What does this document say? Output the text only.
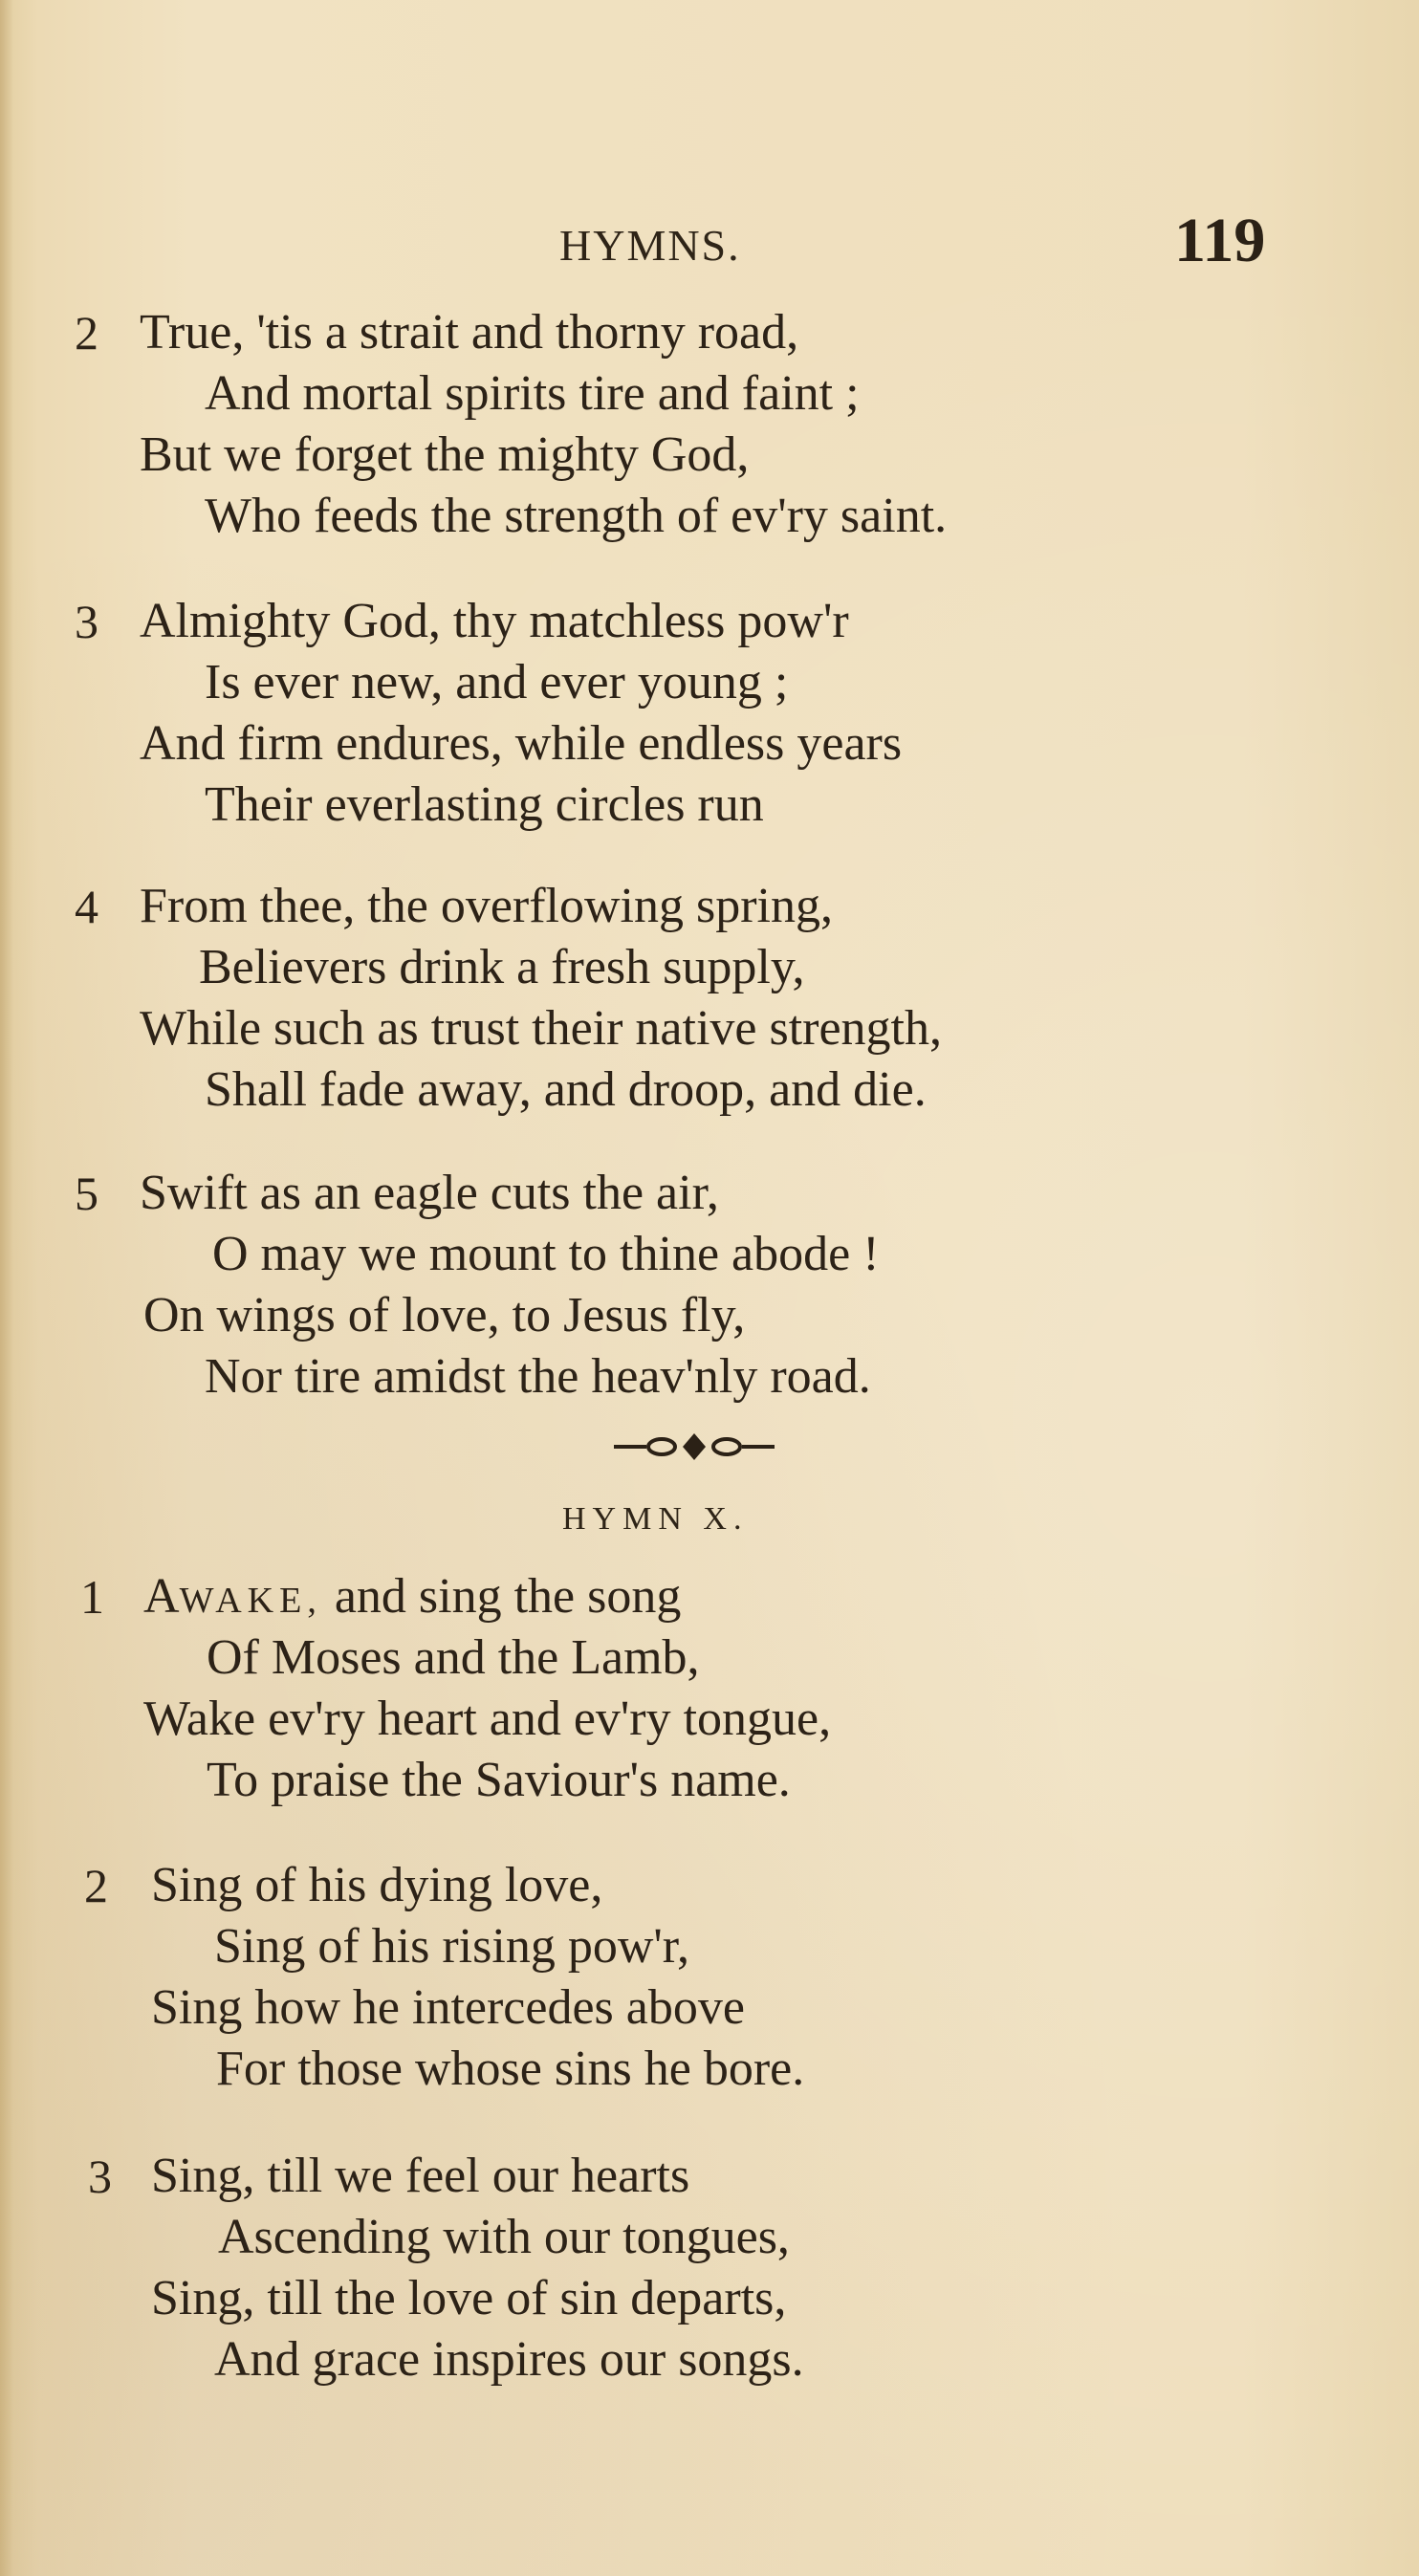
HYMNS.	119
2 True, 'tis a strait and thorny road,
And mortal spirits tire and faint ;
But we forget the mighty God,
Who feeds the strength of ev'ry saint.
3 Almighty God, thy matchless pow'r
Is ever new, and ever young ;
And firm endures, while endless years
Their everlasting circles run
4 From thee, the overflowing spring,
Believers drink a fresh supply,
While such as trust their native strength,
Shall fade away, and droop, and die.
5 Swift as an eagle cuts the air,
O may we mount to thine abode !
On wings of love, to Jesus fly,
Nor tire amidst the heav'nly road.
HYMN X.
1 AWAKE, and sing the song
Of Moses and the Lamb,
Wake ev'ry heart and ev'ry tongue,
To praise the Saviour's name.
2 Sing of his dying love,
Sing of his rising pow'r,
Sing how he intercedes above
For those whose sins he bore.
3 Sing, till we feel our hearts
Ascending with our tongues,
Sing, till the love of sin departs,
And grace inspires our songs.
